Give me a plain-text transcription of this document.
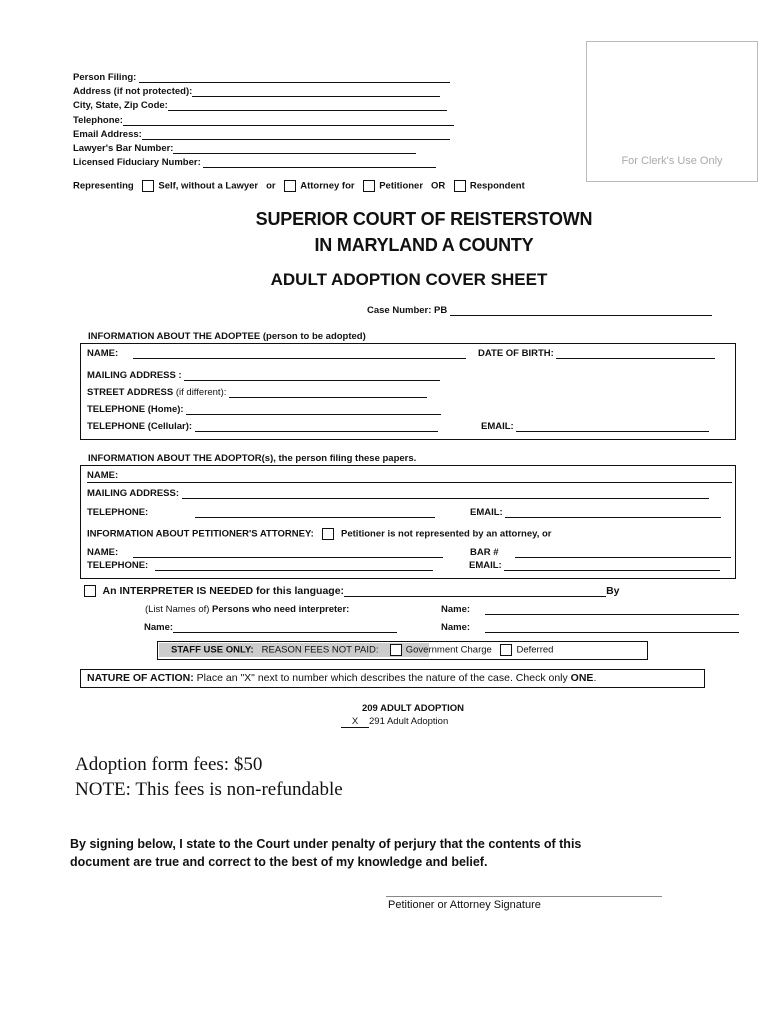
For Clerk's Use Only
Person Filing:
Address (if not protected):
City, State, Zip Code:
Telephone:
Email Address:
Lawyer's Bar Number:
Licensed Fiduciary Number:
Representing	Self, without a Lawyer or	Attorney for	Petitioner OR	Respondent
SUPERIOR COURT OF REISTERSTOWN
IN MARYLAND A COUNTY
ADULT ADOPTION COVER SHEET
Case Number: PB
INFORMATION ABOUT THE ADOPTEE (person to be adopted)
NAME:	DATE OF BIRTH:
MAILING ADDRESS :
STREET ADDRESS (if different):
TELEPHONE (Home):
TELEPHONE (Cellular):	EMAIL:
INFORMATION ABOUT THE ADOPTOR(s), the person filing these papers.
NAME:
MAILING ADDRESS:
TELEPHONE:	EMAIL:
INFORMATION ABOUT PETITIONER'S ATTORNEY:	Petitioner is not represented by an attorney, or
NAME:	BAR #
TELEPHONE:	EMAIL:
An INTERPRETER IS NEEDED for this language:	By
(List Names of) Persons who need interpreter:	Name:
Name:	Name:
STAFF USE ONLY: REASON FEES NOT PAID:	Government Charge	Deferred
NATURE OF ACTION: Place an "X" next to number which describes the nature of the case. Check only ONE.
209 ADULT ADOPTION
X 291 Adult Adoption
Adoption form fees: $50
NOTE: This fees is non-refundable
By signing below, I state to the Court under penalty of perjury that the contents of this
document are true and correct to the best of my knowledge and belief.
Petitioner or Attorney Signature
